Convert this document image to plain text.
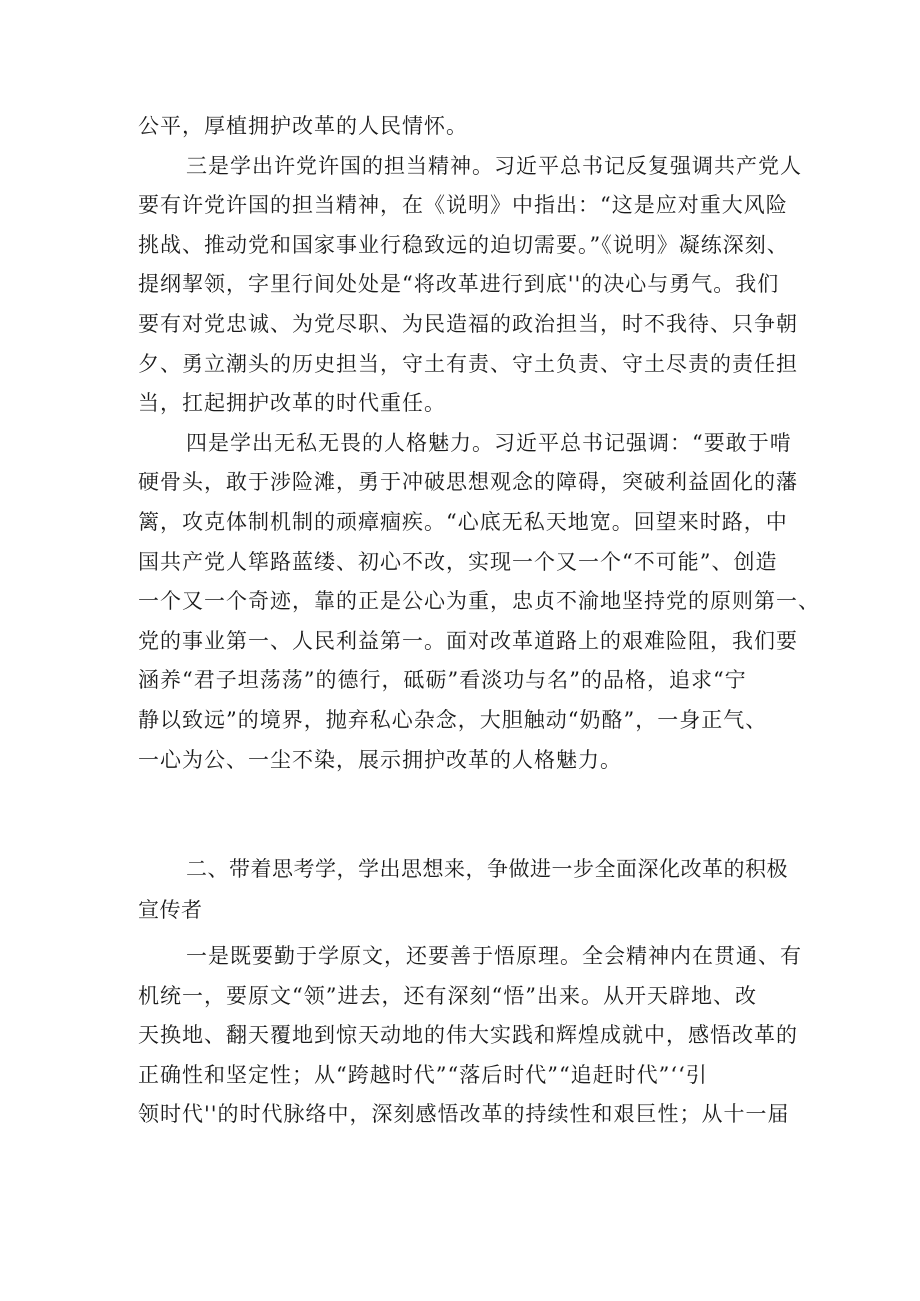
公平，厚植拥护改革的人民情怀。
三是学出许党许国的担当精神。习近平总书记反复强调共产党人
要有许党许国的担当精神，在《说明》中指出：“这是应对重大风险
挑战、推动党和国家事业行稳致远的迫切需要。”《说明》凝练深刻、
提纲挈领，字里行间处处是“将改革进行到底''的决心与勇气。我们
要有对党忠诚、为党尽职、为民造福的政治担当，时不我待、只争朝
夕、勇立潮头的历史担当，守土有责、守土负责、守土尽责的责任担
当，扛起拥护改革的时代重任。
四是学出无私无畏的人格魅力。习近平总书记强调：“要敢于啃
硬骨头，敢于涉险滩，勇于冲破思想观念的障碍，突破利益固化的藩
篱，攻克体制机制的顽瘴痼疾。“心底无私天地宽。回望来时路，中
国共产党人筚路蓝缕、初心不改，实现一个又一个“不可能”、创造
一个又一个奇迹，靠的正是公心为重，忠贞不渝地坚持党的原则第一、
党的事业第一、人民利益第一。面对改革道路上的艰难险阻，我们要
涵养“君子坦荡荡”的德行，砥砺”看淡功与名”的品格，追求“宁
静以致远”的境界，抛弃私心杂念，大胆触动“奶酪”，一身正气、
一心为公、一尘不染，展示拥护改革的人格魅力。
二、带着思考学，学出思想来，争做进一步全面深化改革的积极
宣传者
一是既要勤于学原文，还要善于悟原理。全会精神内在贯通、有
机统一，要原文“领”进去，还有深刻“悟”出来。从开天辟地、改
天换地、翻天覆地到惊天动地的伟大实践和辉煌成就中，感悟改革的
正确性和坚定性；从“跨越时代”“落后时代”“追赶时代”‘‘引
领时代''的时代脉络中，深刻感悟改革的持续性和艰巨性；从十一届
